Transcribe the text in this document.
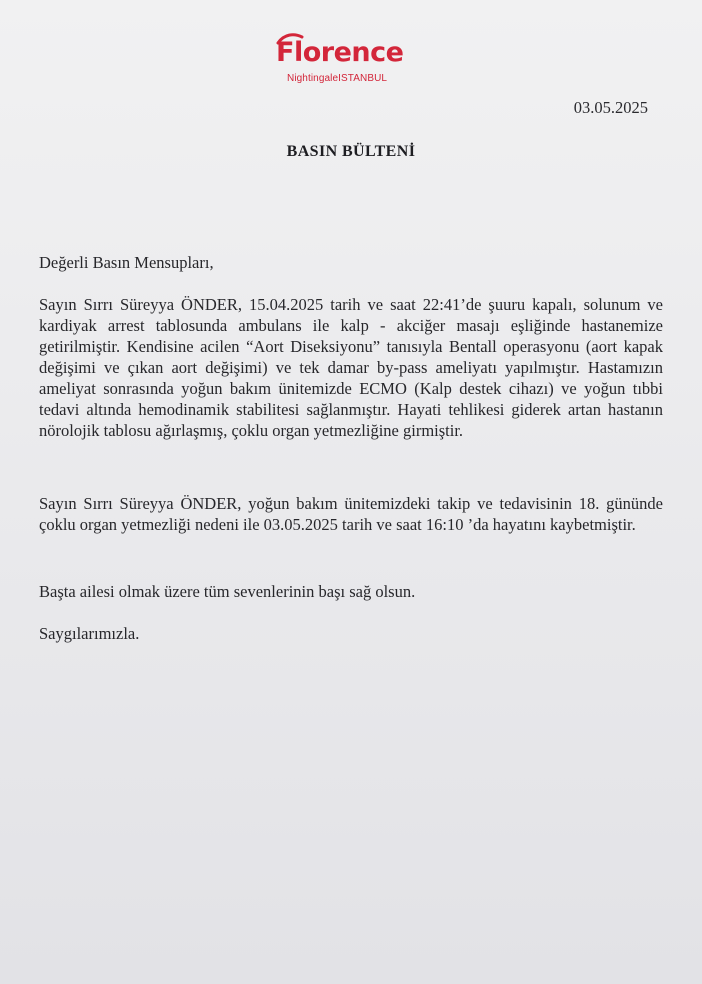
Florence
NightingaleISTANBUL
03.05.2025
BASIN BÜLTENİ
Değerli Basın Mensupları,

Sayın Sırrı Süreyya ÖNDER, 15.04.2025 tarih ve saat 22:41’de şuuru kapalı, solunum ve kardiyak arrest tablosunda ambulans ile kalp - akciğer masajı eşliğinde hastanemize getirilmiştir. Kendisine acilen “Aort Diseksiyonu” tanısıyla Bentall operasyonu (aort kapak değişimi ve çıkan aort değişimi) ve tek damar by-pass ameliyatı yapılmıştır. Hastamızın ameliyat sonrasında yoğun bakım ünitemizde ECMO (Kalp destek cihazı) ve yoğun tıbbi tedavi altında hemodinamik stabilitesi sağlanmıştır. Hayati tehlikesi giderek artan hastanın nörolojik tablosu ağırlaşmış, çoklu organ yetmezliğine girmiştir.

Sayın Sırrı Süreyya ÖNDER, yoğun bakım ünitemizdeki takip ve tedavisinin 18. gününde çoklu organ yetmezliği nedeni ile 03.05.2025 tarih ve saat 16:10 ’da hayatını kaybetmiştir.

Başta ailesi olmak üzere tüm sevenlerinin başı sağ olsun.

Saygılarımızla.
